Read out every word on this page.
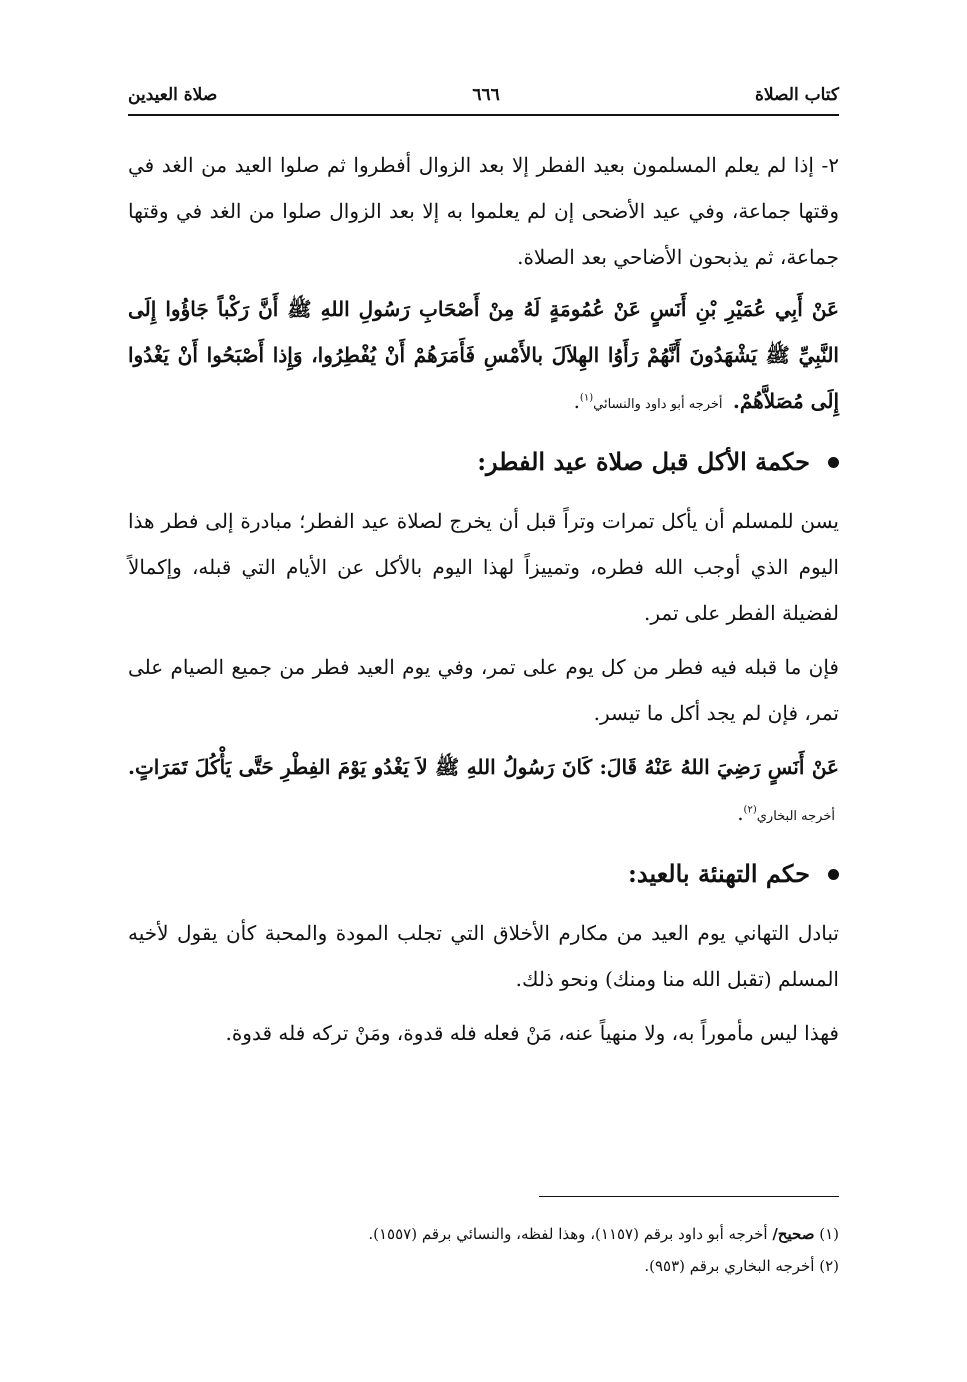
كتاب الصلاة
٦٦٦
صلاة العيدين

٢- إذا لم يعلم المسلمون بعيد الفطر إلا بعد الزوال أفطروا ثم صلوا العيد من الغد في وقتها جماعة، وفي عيد الأضحى إن لم يعلموا به إلا بعد الزوال صلوا من الغد في وقتها جماعة، ثم يذبحون الأضاحي بعد الصلاة.

عَنْ أَبِي عُمَيْرِ بْنِ أَنَسٍ عَنْ عُمُومَةٍ لَهُ مِنْ أَصْحَابِ رَسُولِ اللهِ ﷺ أَنَّ رَكْباً جَاؤُوا إِلَى النَّبِيِّ ﷺ يَشْهَدُونَ أَنَّهُمْ رَأَوُا الهِلاَلَ بالأَمْسِ فَأَمَرَهُمْ أَنْ يُفْطِرُوا، وَإِذا أَصْبَحُوا أَنْ يَغْدُوا إِلَى مُصَلاَّهُمْ. أخرجه أبو داود والنسائي$^{(١)}$.

حكمة الأكل قبل صلاة عيد الفطر:

يسن للمسلم أن يأكل تمرات وتراً قبل أن يخرج لصلاة عيد الفطر؛ مبادرة إلى فطر هذا اليوم الذي أوجب الله فطره، وتمييزاً لهذا اليوم بالأكل عن الأيام التي قبله، وإكمالاً لفضيلة الفطر على تمر.

فإن ما قبله فيه فطر من كل يوم على تمر، وفي يوم العيد فطر من جميع الصيام على تمر، فإن لم يجد أكل ما تيسر.

عَنْ أَنَسٍ رَضِيَ اللهُ عَنْهُ قَالَ: كَانَ رَسُولُ اللهِ ﷺ لاَ يَغْدُو يَوْمَ الفِطْرِ حَتَّى يَأْكُلَ تَمَرَاتٍ. أخرجه البخاري$^{(٢)}$.

حكم التهنئة بالعيد:

تبادل التهاني يوم العيد من مكارم الأخلاق التي تجلب المودة والمحبة كأن يقول لأخيه المسلم (تقبل الله منا ومنك) ونحو ذلك.

فهذا ليس مأموراً به، ولا منهياً عنه، مَنْ فعله فله قدوة، ومَنْ تركه فله قدوة.

(١) صحيح/ أخرجه أبو داود برقم (١١٥٧)، وهذا لفظه، والنسائي برقم (١٥٥٧).

(٢) أخرجه البخاري برقم (٩٥٣).
